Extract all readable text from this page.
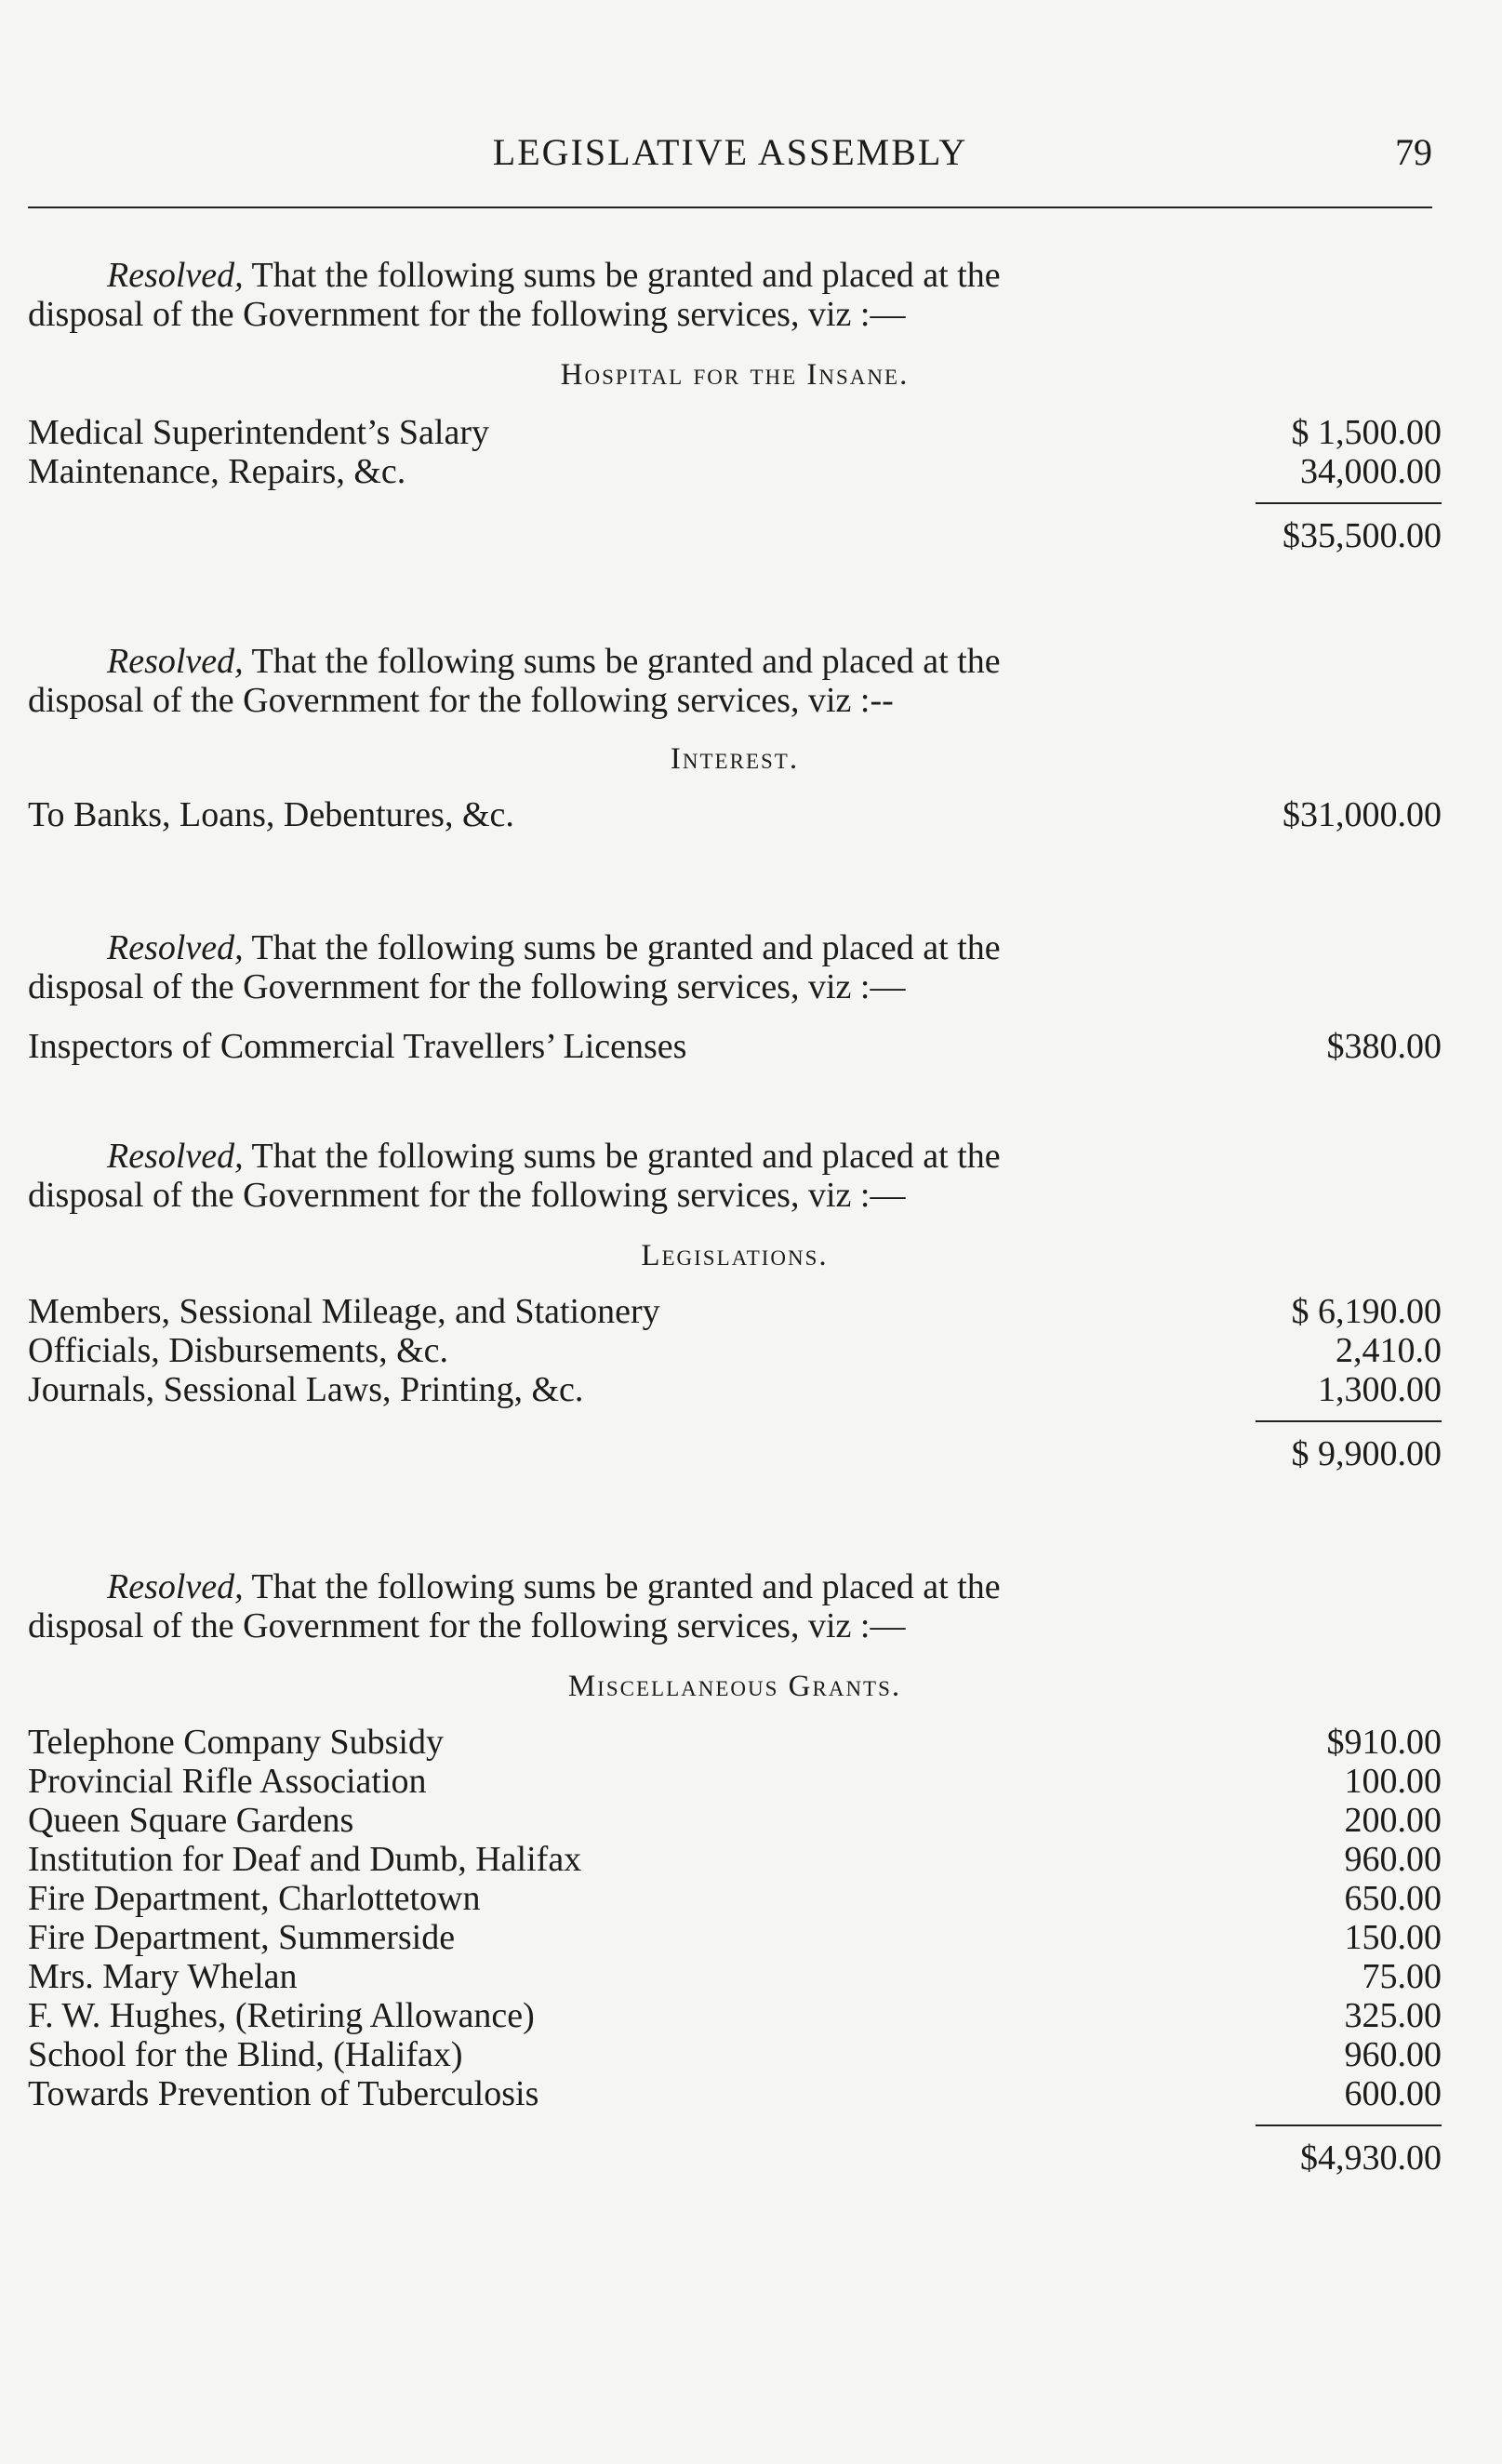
LEGISLATIVE ASSEMBLY	79
Resolved, That the following sums be granted and placed at the
disposal of the Government for the following services, viz :—
Hospital for the Insane.
Medical Superintendent’s Salary	$ 1,500.00
Maintenance, Repairs, &c.	34,000.00
$35,500.00
Resolved, That the following sums be granted and placed at the
disposal of the Government for the following services, viz :--
Interest.
To Banks, Loans, Debentures, &c.	$31,000.00
Resolved, That the following sums be granted and placed at the
disposal of the Government for the following services, viz :—
Inspectors of Commercial Travellers’ Licenses	$380.00
Resolved, That the following sums be granted and placed at the
disposal of the Government for the following services, viz :—
Legislations.
Members, Sessional Mileage, and Stationery	$ 6,190.00
Officials, Disbursements, &c.	2,410.0
Journals, Sessional Laws, Printing, &c.	1,300.00
$ 9,900.00
Resolved, That the following sums be granted and placed at the
disposal of the Government for the following services, viz :—
Miscellaneous Grants.
Telephone Company Subsidy	$910.00
Provincial Rifle Association	100.00
Queen Square Gardens	200.00
Institution for Deaf and Dumb, Halifax	960.00
Fire Department, Charlottetown	650.00
Fire Department, Summerside	150.00
Mrs. Mary Whelan	75.00
F. W. Hughes, (Retiring Allowance)	325.00
School for the Blind, (Halifax)	960.00
Towards Prevention of Tuberculosis	600.00
$4,930.00
